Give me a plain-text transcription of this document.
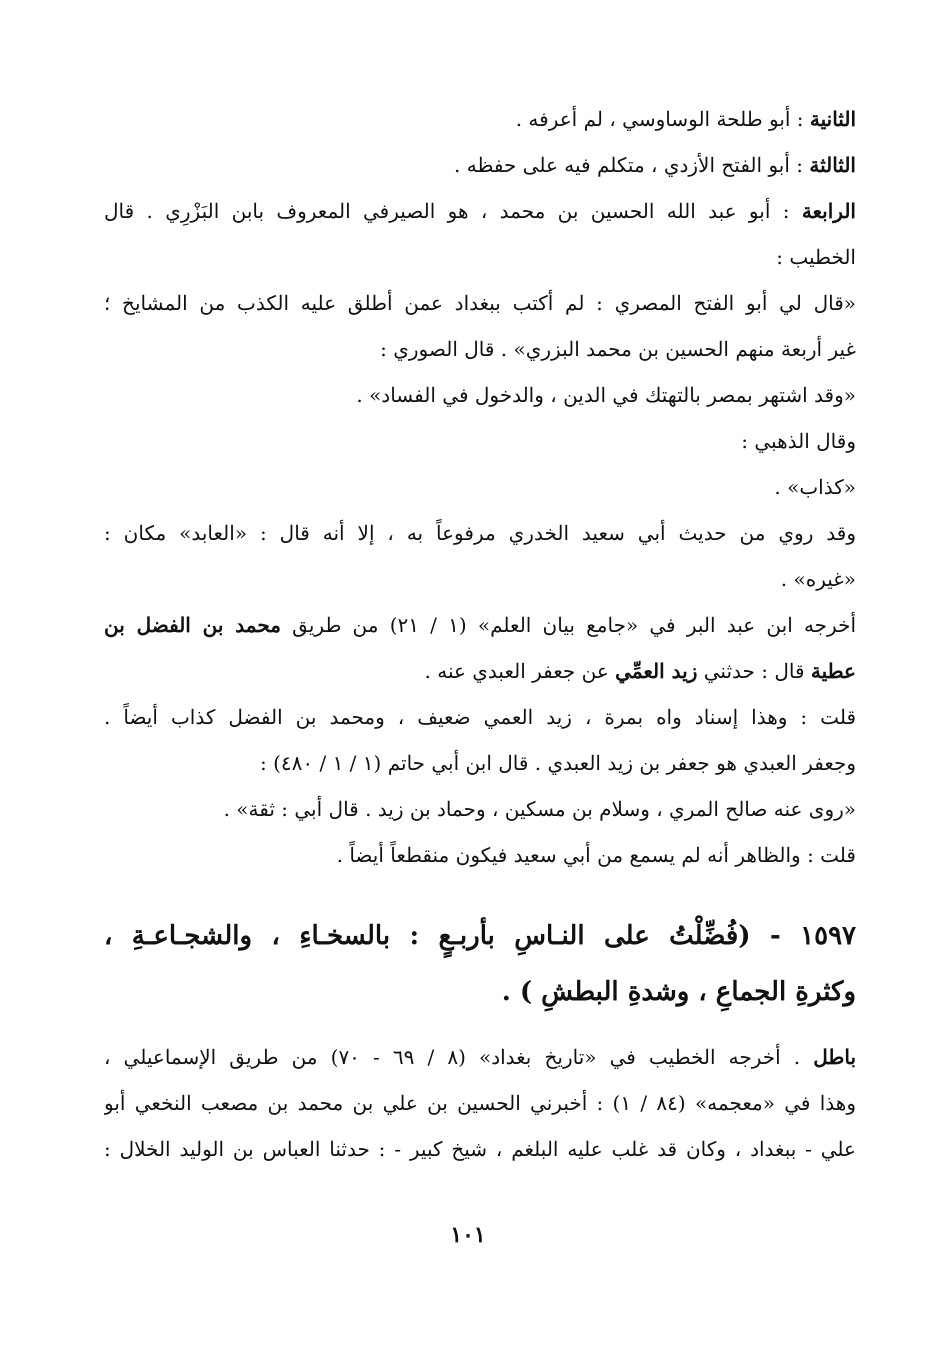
الثانية : أبو طلحة الوساوسي ، لم أعرفه .
الثالثة : أبو الفتح الأزدي ، متكلم فيه على حفظه .
الرابعة : أبو عبد الله الحسين بن محمد ، هو الصيرفي المعروف بابن البَزْرِي . قال
الخطيب :
«قال لي أبو الفتح المصري : لم أكتب ببغداد عمن أطلق عليه الكذب من المشايخ ؛
غير أربعة منهم الحسين بن محمد البزري» . قال الصوري :
«وقد اشتهر بمصر بالتهتك في الدين ، والدخول في الفساد» .
وقال الذهبي :
«كذاب» .
وقد روي من حديث أبي سعيد الخدري مرفوعاً به ، إلا أنه قال : «العابد» مكان :
«غيره» .
أخرجه ابن عبد البر في «جامع بيان العلم» (١ / ٢١) من طريق محمد بن الفضل بن
عطية قال : حدثني زيد العمِّي عن جعفر العبدي عنه .
قلت : وهذا إسناد واه بمرة ، زيد العمي ضعيف ، ومحمد بن الفضل كذاب أيضاً .
وجعفر العبدي هو جعفر بن زيد العبدي . قال ابن أبي حاتم (١ / ١ / ٤٨٠) :
«روى عنه صالح المري ، وسلام بن مسكين ، وحماد بن زيد . قال أبي : ثقة» .
قلت : والظاهر أنه لم يسمع من أبي سعيد فيكون منقطعاً أيضاً .
١٥٩٧ - (فُضِّلْتُ على النـاسِ بأربـعٍ : بالسخـاءِ ، والشجـاعـةِ ،
وكثرةِ الجماعِ ، وشدةِ البطشِ ) .
باطل . أخرجه الخطيب في «تاريخ بغداد» (٨ / ٦٩ - ٧٠) من طريق الإسماعيلي ،
وهذا في «معجمه» (٨٤ / ١) : أخبرني الحسين بن علي بن محمد بن مصعب النخعي أبو
علي - ببغداد ، وكان قد غلب عليه البلغم ، شيخ كبير - : حدثنا العباس بن الوليد الخلال :
١٠١
